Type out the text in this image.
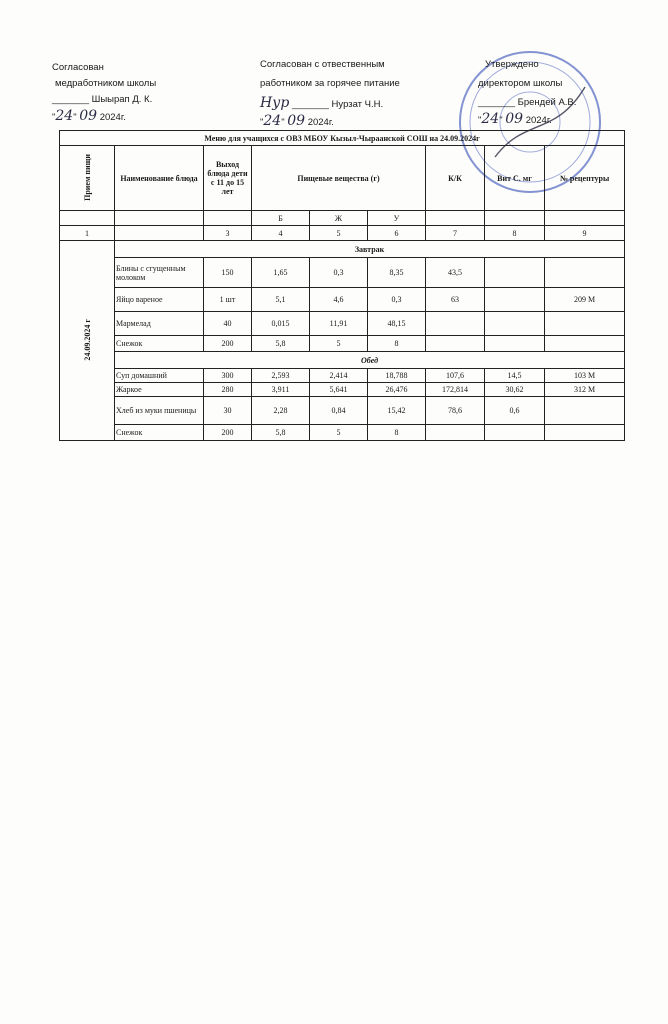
Согласован
медработником школы
_______ Шыырап Д. К.
"24" 09 2024г.
Согласован с отвественным
работником за горячее питание
Нур _______ Нурзат Ч.Н.
"24" 09 2024г.
Утверждено
директором школы
_______ Брендей А.В.
"24" 09 2024г.
Меню для учащихся с ОВЗ МБОУ Кызыл-Чыраанской СОШ на 24.09.2024г								
Прием пищи	Наименование блюда	Выход блюда дети с 11 до 15 лет	Пищевые вещества (г)			К/К	Вит С. мг	№ рецептуры
			Б	Ж	У			
1		3	4	5	6	7	8	9
24.09.2024 г	Завтрак							
	Блины с сгущенным молоком	150	1,65	0,3	8,35	43,5		
	Яйцо вареное	1 шт	5,1	4,6	0,3	63		209 М
	Мармелад	40	0,015	11,91	48,15			
	Снежок	200	5,8	5	8			
	Обед							
	Суп домашний	300	2,593	2,414	18,788	107,6	14,5	103 М
	Жаркое	280	3,911	5,641	26,476	172,814	30,62	312 М
	Хлеб из муки пшеницы	30	2,28	0,84	15,42	78,6	0,6	
	Снежок	200	5,8	5	8			
